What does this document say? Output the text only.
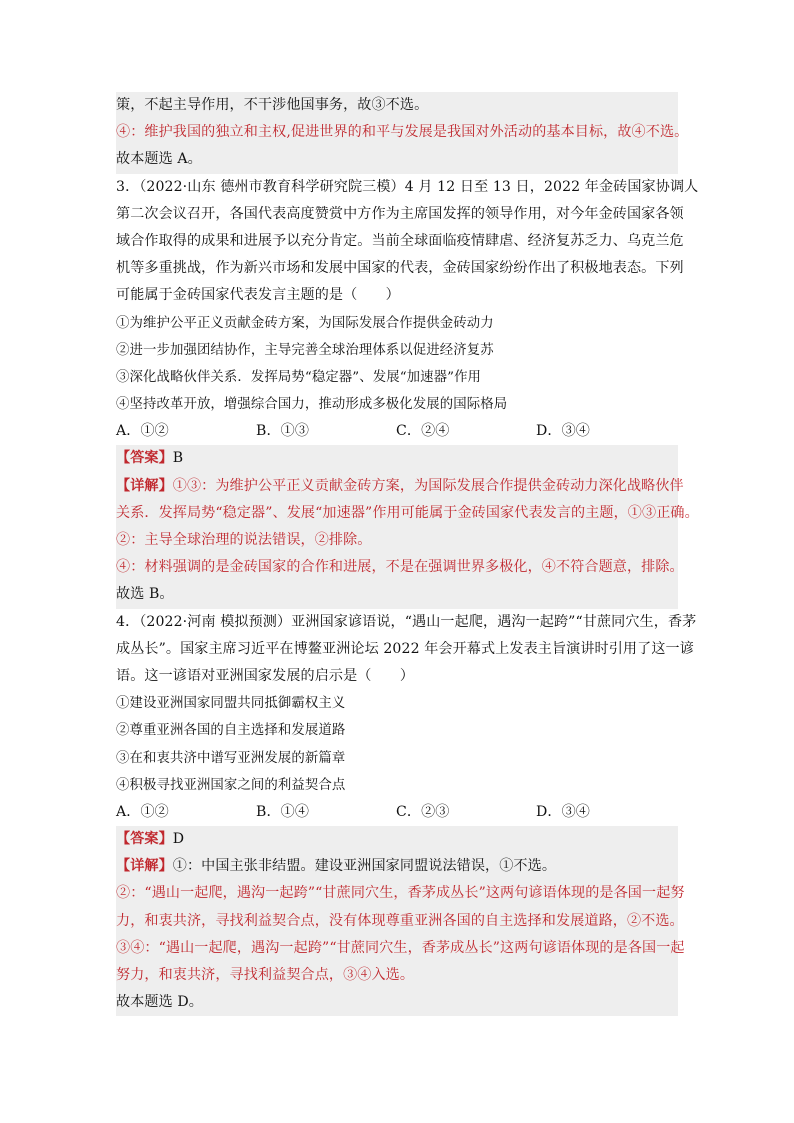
策，不起主导作用，不干涉他国事务，故③不选。
④：维护我国的独立和主权,促进世界的和平与发展是我国对外活动的基本目标，故④不选。
故本题选 A。
3．（2022·山东 德州市教育科学研究院三模）4 月 12 日至 13 日，2022 年金砖国家协调人
第二次会议召开，各国代表高度赞赏中方作为主席国发挥的领导作用，对今年金砖国家各领
域合作取得的成果和进展予以充分肯定。当前全球面临疫情肆虐、经济复苏乏力、乌克兰危
机等多重挑战，作为新兴市场和发展中国家的代表，金砖国家纷纷作出了积极地表态。下列
可能属于金砖国家代表发言主题的是（　　）
①为维护公平正义贡献金砖方案，为国际发展合作提供金砖动力
②进一步加强团结协作，主导完善全球治理体系以促进经济复苏
③深化战略伙伴关系．发挥局势“稳定器”、发展“加速器”作用
④坚持改革开放，增强综合国力，推动形成多极化发展的国际格局
A．①②	B．①③	C．②④	D．③④
【答案】B
【详解】①③：为维护公平正义贡献金砖方案，为国际发展合作提供金砖动力深化战略伙伴
关系．发挥局势“稳定器”、发展“加速器”作用可能属于金砖国家代表发言的主题，①③正确。
②：主导全球治理的说法错误，②排除。
④：材料强调的是金砖国家的合作和进展，不是在强调世界多极化，④不符合题意，排除。
故选 B。
4．（2022·河南 模拟预测）亚洲国家谚语说，“遇山一起爬，遇沟一起跨”“甘蔗同穴生，香茅
成丛长”。国家主席习近平在博鳌亚洲论坛 2022 年会开幕式上发表主旨演讲时引用了这一谚
语。这一谚语对亚洲国家发展的启示是（　　）
①建设亚洲国家同盟共同抵御霸权主义
②尊重亚洲各国的自主选择和发展道路
③在和衷共济中谱写亚洲发展的新篇章
④积极寻找亚洲国家之间的利益契合点
A．①②	B．①④	C．②③	D．③④
【答案】D
【详解】①：中国主张非结盟。建设亚洲国家同盟说法错误，①不选。
②：“遇山一起爬，遇沟一起跨”“甘蔗同穴生，香茅成丛长”这两句谚语体现的是各国一起努
力，和衷共济，寻找利益契合点，没有体现尊重亚洲各国的自主选择和发展道路，②不选。
③④：“遇山一起爬，遇沟一起跨”“甘蔗同穴生，香茅成丛长”这两句谚语体现的是各国一起
努力，和衷共济，寻找利益契合点，③④入选。
故本题选 D。
